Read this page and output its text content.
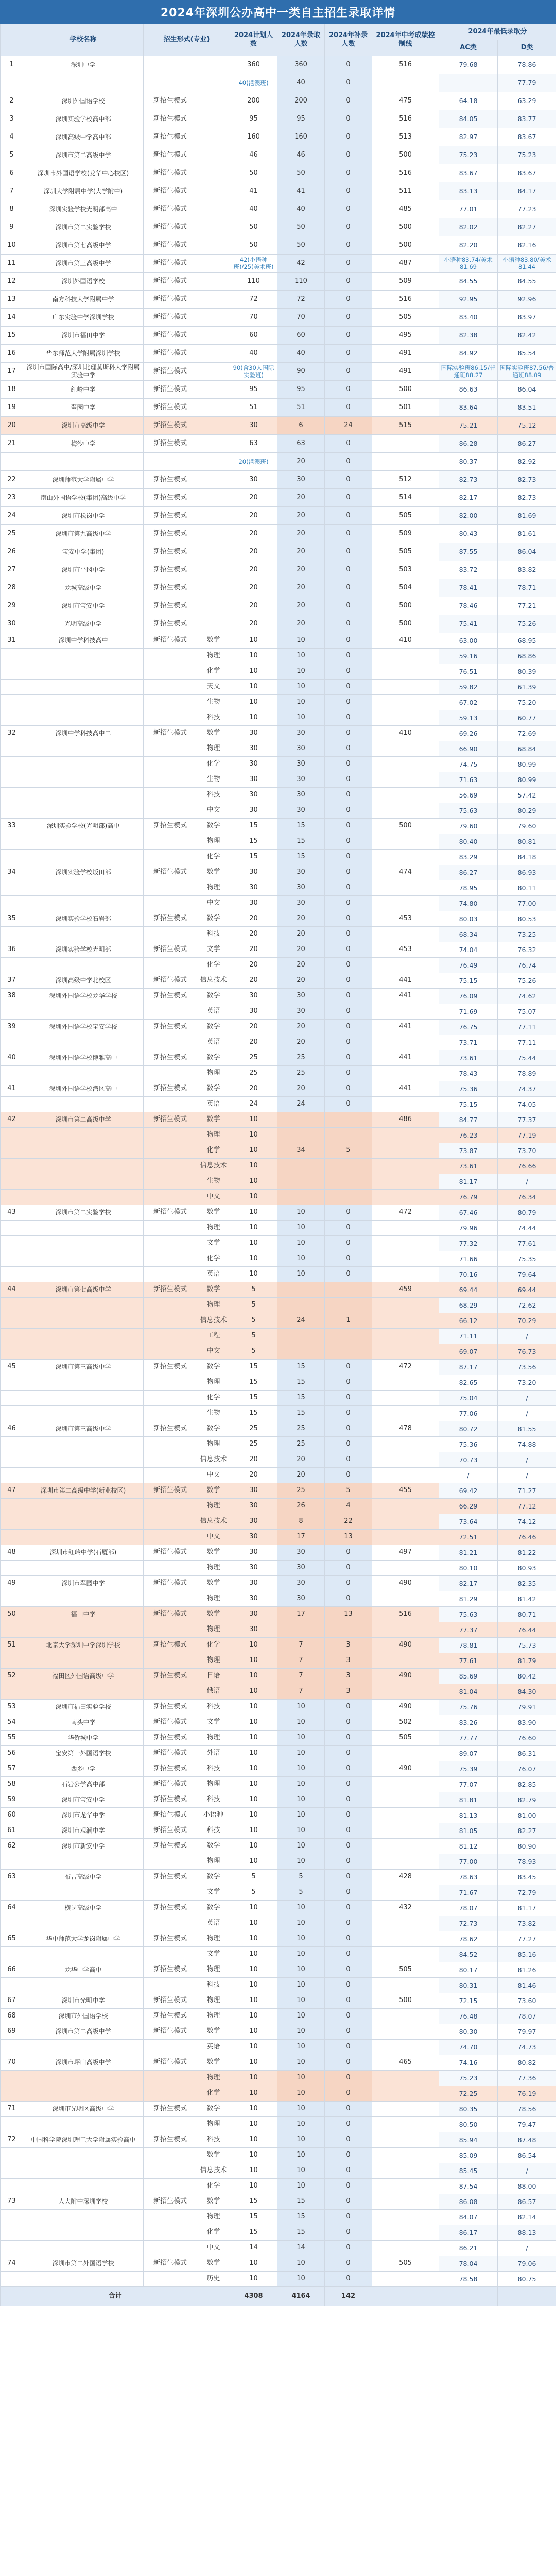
2024年深圳公办高中一类自主招生录取详情
	学校名称	招生形式(专业)		2024计划人数	2024年录取人数	2024年补录人数	2024年中考成绩控制线	2024年最低录取分	
								AC类	D类
1	深圳中学			360	360	0	516	79.68	78.86
				40(港澳班)	40	0			77.79
2	深圳外国语学校	新招生模式		200	200	0	475	64.18	63.29
3	深圳实验学校高中部	新招生模式		95	95	0	516	84.05	83.77
4	深圳高级中学高中部	新招生模式		160	160	0	513	82.97	83.67
5	深圳市第二高级中学	新招生模式		46	46	0	500	75.23	75.23
6	深圳市外国语学校(龙华中心校区)	新招生模式		50	50	0	516	83.67	83.67
7	深圳大学附属中学(大学附中)	新招生模式		41	41	0	511	83.13	84.17
8	深圳实验学校光明部高中	新招生模式		40	40	0	485	77.01	77.23
9	深圳市第二实验学校	新招生模式		50	50	0	500	82.02	82.27
10	深圳市第七高级中学	新招生模式		50	50	0	500	82.20	82.16
11	深圳市第三高级中学	新招生模式		42(小语种班)/25(美术班)	42	0	487	小语种83.74/美术81.69	小语种83.80/美术81.44
12	深圳外国语学校	新招生模式		110	110	0	509	84.55	84.55
13	南方科技大学附属中学	新招生模式		72	72	0	516	92.95	92.96
14	广东实验中学深圳学校	新招生模式		70	70	0	505	83.40	83.97
15	深圳市福田中学	新招生模式		60	60	0	495	82.38	82.42
16	华东师范大学附属深圳学校	新招生模式		40	40	0	491	84.92	85.54
17	深圳市国际高中/深圳北理莫斯科大学附属实验中学	新招生模式		90(含30人国际实验班)	90	0	491	国际实验班86.15/普通班88.27	国际实验班87.56/普通班88.09
18	红岭中学	新招生模式		95	95	0	500	86.63	86.04
19	翠园中学	新招生模式		51	51	0	501	83.64	83.51
20	深圳市高级中学	新招生模式		30	6	24	515	75.21	75.12
21	梅沙中学	新招生模式		63	63	0		86.28	86.27
				20(港澳班)	20	0		80.37	82.92
22	深圳师范大学附属中学	新招生模式		30	30	0	512	82.73	82.73
23	南山外国语学校(集团)高级中学	新招生模式		20	20	0	514	82.17	82.73
24	深圳市松岗中学	新招生模式		20	20	0	505	82.00	81.69
25	深圳市第九高级中学	新招生模式		20	20	0	509	80.43	81.61
26	宝安中学(集团)	新招生模式		20	20	0	505	87.55	86.04
27	深圳市平冈中学	新招生模式		20	20	0	503	83.72	83.82
28	龙城高级中学	新招生模式		20	20	0	504	78.41	78.71
29	深圳市宝安中学	新招生模式		20	20	0	500	78.46	77.21
30	光明高级中学	新招生模式		20	20	0	500	75.41	75.26
31	深圳中学科技高中	新招生模式	数学	10	10	0	410	63.00	68.95
			物理	10	10	0		59.16	68.86
			化学	10	10	0		76.51	80.39
			天文	10	10	0		59.82	61.39
			生物	10	10	0		67.02	75.20
			科技	10	10	0		59.13	60.77
32	深圳中学科技高中二	新招生模式	数学	30	30	0	410	69.26	72.69
			物理	30	30	0		66.90	68.84
			化学	30	30	0		74.75	80.99
			生物	30	30	0		71.63	80.99
			科技	30	30	0		56.69	57.42
			中文	30	30	0		75.63	80.29
33	深圳实验学校(光明部)高中	新招生模式	数学	15	15	0	500	79.60	79.60
			物理	15	15	0		80.40	80.81
			化学	15	15	0		83.29	84.18
34	深圳实验学校坂田部	新招生模式	数学	30	30	0	474	86.27	86.93
			物理	30	30	0		78.95	80.11
			中文	30	30	0		74.80	77.00
35	深圳实验学校石岩部	新招生模式	数学	20	20	0	453	80.03	80.53
			科技	20	20	0		68.34	73.25
36	深圳实验学校光明部	新招生模式	文学	20	20	0	453	74.04	76.32
			化学	20	20	0		76.49	76.74
37	深圳高级中学北校区	新招生模式	信息技术	20	20	0	441	75.15	75.26
38	深圳外国语学校龙华学校	新招生模式	数学	30	30	0	441	76.09	74.62
			英语	30	30	0		71.69	75.07
39	深圳外国语学校宝安学校	新招生模式	数学	20	20	0	441	76.75	77.11
			英语	20	20	0		73.71	77.11
40	深圳外国语学校博雅高中	新招生模式	数学	25	25	0	441	73.61	75.44
			物理	25	25	0		78.43	78.89
41	深圳外国语学校湾区高中	新招生模式	数学	20	20	0	441	75.36	74.37
			英语	24	24	0		75.15	74.05
42	深圳市第二高级中学	新招生模式	数学	10			486	84.77	77.37
			物理	10				76.23	77.19
			化学	10	34	5		73.87	73.70
			信息技术	10				73.61	76.66
			生物	10				81.17	/
			中文	10				76.79	76.34
43	深圳市第二实验学校	新招生模式	数学	10	10	0	472	67.46	80.79
			物理	10	10	0		79.96	74.44
			文学	10	10	0		77.32	77.61
			化学	10	10	0		71.66	75.35
			英语	10	10	0		70.16	79.64
44	深圳市第七高级中学	新招生模式	数学	5			459	69.44	69.44
			物理	5				68.29	72.62
			信息技术	5	24	1		66.12	70.29
			工程	5				71.11	/
			中文	5				69.07	76.73
45	深圳市第三高级中学	新招生模式	数学	15	15	0	472	87.17	73.56
			物理	15	15	0		82.65	73.20
			化学	15	15	0		75.04	/
			生物	15	15	0		77.06	/
46	深圳市第三高级中学	新招生模式	数学	25	25	0	478	80.72	81.55
			物理	25	25	0		75.36	74.88
			信息技术	20	20	0		70.73	/
			中文	20	20	0		/	/
47	深圳市第二高级中学(新业校区)	新招生模式	数学	30	25	5	455	69.42	71.27
			物理	30	26	4		66.29	77.12
			信息技术	30	8	22		73.64	74.12
			中文	30	17	13		72.51	76.46
48	深圳市红岭中学(石厦部)	新招生模式	数学	30	30	0	497	81.21	81.22
			物理	30	30	0		80.10	80.93
49	深圳市翠园中学	新招生模式	数学	30	30	0	490	82.17	82.35
			物理	30	30	0		81.29	81.42
50	福田中学	新招生模式	数学	30	17	13	516	75.63	80.71
			物理	30				77.37	76.44
51	北京大学深圳中学深圳学校	新招生模式	化学	10	7	3	490	78.81	75.73
			物理	10	7	3		77.61	81.79
52	福田区外国语高级中学	新招生模式	日语	10	7	3	490	85.69	80.42
			俄语	10	7	3		81.04	84.30
53	深圳市福田实验学校	新招生模式	科技	10	10	0	490	75.76	79.91
54	南头中学	新招生模式	文学	10	10	0	502	83.26	83.90
55	华侨城中学	新招生模式	物理	10	10	0	505	77.77	76.60
56	宝安第一外国语学校	新招生模式	外语	10	10	0		89.07	86.31
57	西乡中学	新招生模式	科技	10	10	0	490	75.39	76.07
58	石岩公学高中部	新招生模式	物理	10	10	0		77.07	82.85
59	深圳市宝安中学	新招生模式	科技	10	10	0		81.81	82.79
60	深圳市龙华中学	新招生模式	小语种	10	10	0		81.13	81.00
61	深圳市观澜中学	新招生模式	科技	10	10	0		81.05	82.27
62	深圳市新安中学	新招生模式	数学	10	10	0		81.12	80.90
			物理	10	10	0		77.00	78.93
63	布吉高级中学	新招生模式	数学	5	5	0	428	78.63	83.45
			文学	5	5	0		71.67	72.79
64	横岗高级中学	新招生模式	数学	10	10	0	432	78.07	81.17
			英语	10	10	0		72.73	73.82
65	华中师范大学龙岗附属中学	新招生模式	物理	10	10	0		78.62	77.27
			文学	10	10	0		84.52	85.16
66	龙华中学高中	新招生模式	物理	10	10	0	505	80.17	81.26
			科技	10	10	0		80.31	81.46
67	深圳市光明中学	新招生模式	物理	10	10	0	500	72.15	73.60
68	深圳市外国语学校	新招生模式	物理	10	10	0		76.48	78.07
69	深圳市第二高级中学	新招生模式	数学	10	10	0		80.30	79.97
			英语	10	10	0		74.70	74.73
70	深圳市坪山高级中学	新招生模式	数学	10	10	0	465	74.16	80.82
			物理	10	10	0		75.23	77.36
			化学	10	10	0		72.25	76.19
71	深圳市光明区高级中学	新招生模式	数学	10	10	0		80.35	78.56
			物理	10	10	0		80.50	79.47
72	中国科学院深圳理工大学附属实验高中	新招生模式	科技	10	10	0		85.94	87.48
			数学	10	10	0		85.09	86.54
			信息技术	10	10	0		85.45	/
			化学	10	10	0		87.54	88.00
73	人大附中深圳学校	新招生模式	数学	15	15	0		86.08	86.57
			物理	15	15	0		84.07	82.14
			化学	15	15	0		86.17	88.13
			中文	14	14	0		86.21	/
74	深圳市第二外国语学校	新招生模式	数学	10	10	0	505	78.04	79.06
			历史	10	10	0		78.58	80.75
合计				4308	4164	142			
